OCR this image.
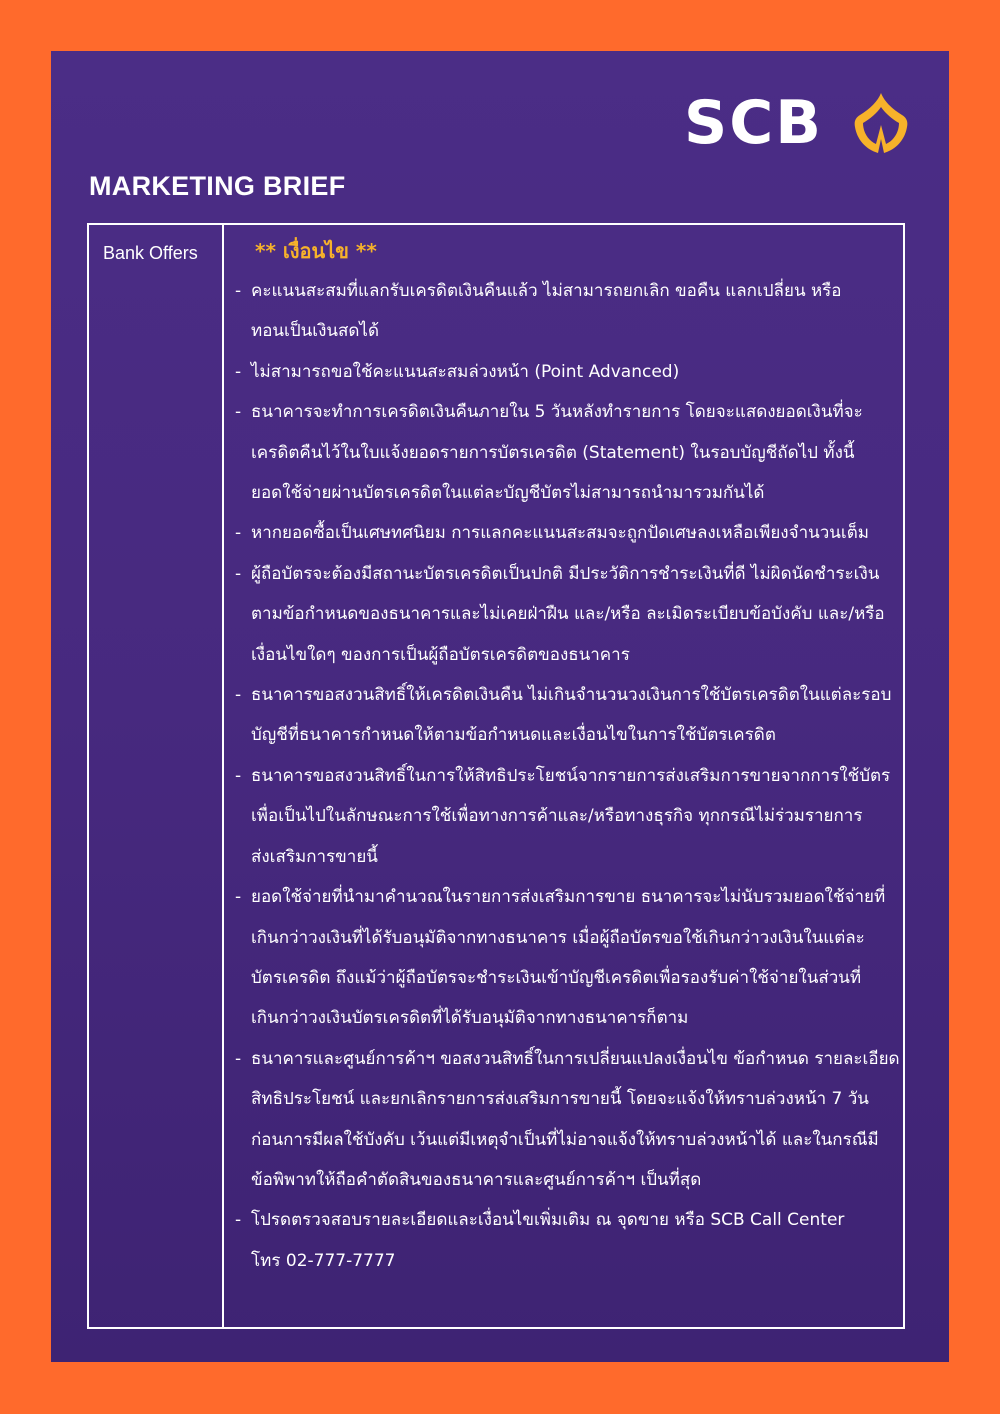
SCB
MARKETING BRIEF
Bank Offers	** เงื่อนไข **
- คะแนนสะสมที่แลกรับเครดิตเงินคืนแล้ว ไม่สามารถยกเลิก ขอคืน แลกเปลี่ยน หรือ
ทอนเป็นเงินสดได้
- ไม่สามารถขอใช้คะแนนสะสมล่วงหน้า (Point Advanced)
- ธนาคารจะทำการเครดิตเงินคืนภายใน 5 วันหลังทำรายการ โดยจะแสดงยอดเงินที่จะ
เครดิตคืนไว้ในใบแจ้งยอดรายการบัตรเครดิต (Statement) ในรอบบัญชีถัดไป ทั้งนี้
ยอดใช้จ่ายผ่านบัตรเครดิตในแต่ละบัญชีบัตรไม่สามารถนำมารวมกันได้
- หากยอดซื้อเป็นเศษทศนิยม การแลกคะแนนสะสมจะถูกปัดเศษลงเหลือเพียงจำนวนเต็ม
- ผู้ถือบัตรจะต้องมีสถานะบัตรเครดิตเป็นปกติ มีประวัติการชำระเงินที่ดี ไม่ผิดนัดชำระเงิน
ตามข้อกำหนดของธนาคารและไม่เคยฝ่าฝืน และ/หรือ ละเมิดระเบียบข้อบังคับ และ/หรือ
เงื่อนไขใดๆ ของการเป็นผู้ถือบัตรเครดิตของธนาคาร
- ธนาคารขอสงวนสิทธิ์ให้เครดิตเงินคืน ไม่เกินจำนวนวงเงินการใช้บัตรเครดิตในแต่ละรอบ
บัญชีที่ธนาคารกำหนดให้ตามข้อกำหนดและเงื่อนไขในการใช้บัตรเครดิต
- ธนาคารขอสงวนสิทธิ์ในการให้สิทธิประโยชน์จากรายการส่งเสริมการขายจากการใช้บัตร
เพื่อเป็นไปในลักษณะการใช้เพื่อทางการค้าและ/หรือทางธุรกิจ ทุกกรณีไม่ร่วมรายการ
ส่งเสริมการขายนี้
- ยอดใช้จ่ายที่นำมาคำนวณในรายการส่งเสริมการขาย ธนาคารจะไม่นับรวมยอดใช้จ่ายที่
เกินกว่าวงเงินที่ได้รับอนุมัติจากทางธนาคาร เมื่อผู้ถือบัตรขอใช้เกินกว่าวงเงินในแต่ละ
บัตรเครดิต ถึงแม้ว่าผู้ถือบัตรจะชำระเงินเข้าบัญชีเครดิตเพื่อรองรับค่าใช้จ่ายในส่วนที่
เกินกว่าวงเงินบัตรเครดิตที่ได้รับอนุมัติจากทางธนาคารก็ตาม
- ธนาคารและศูนย์การค้าฯ ขอสงวนสิทธิ์ในการเปลี่ยนแปลงเงื่อนไข ข้อกำหนด รายละเอียด
สิทธิประโยชน์ และยกเลิกรายการส่งเสริมการขายนี้ โดยจะแจ้งให้ทราบล่วงหน้า 7 วัน
ก่อนการมีผลใช้บังคับ เว้นแต่มีเหตุจำเป็นที่ไม่อาจแจ้งให้ทราบล่วงหน้าได้ และในกรณีมี
ข้อพิพาทให้ถือคำตัดสินของธนาคารและศูนย์การค้าฯ เป็นที่สุด
- โปรดตรวจสอบรายละเอียดและเงื่อนไขเพิ่มเติม ณ จุดขาย หรือ SCB Call Center
โทร 02-777-7777
